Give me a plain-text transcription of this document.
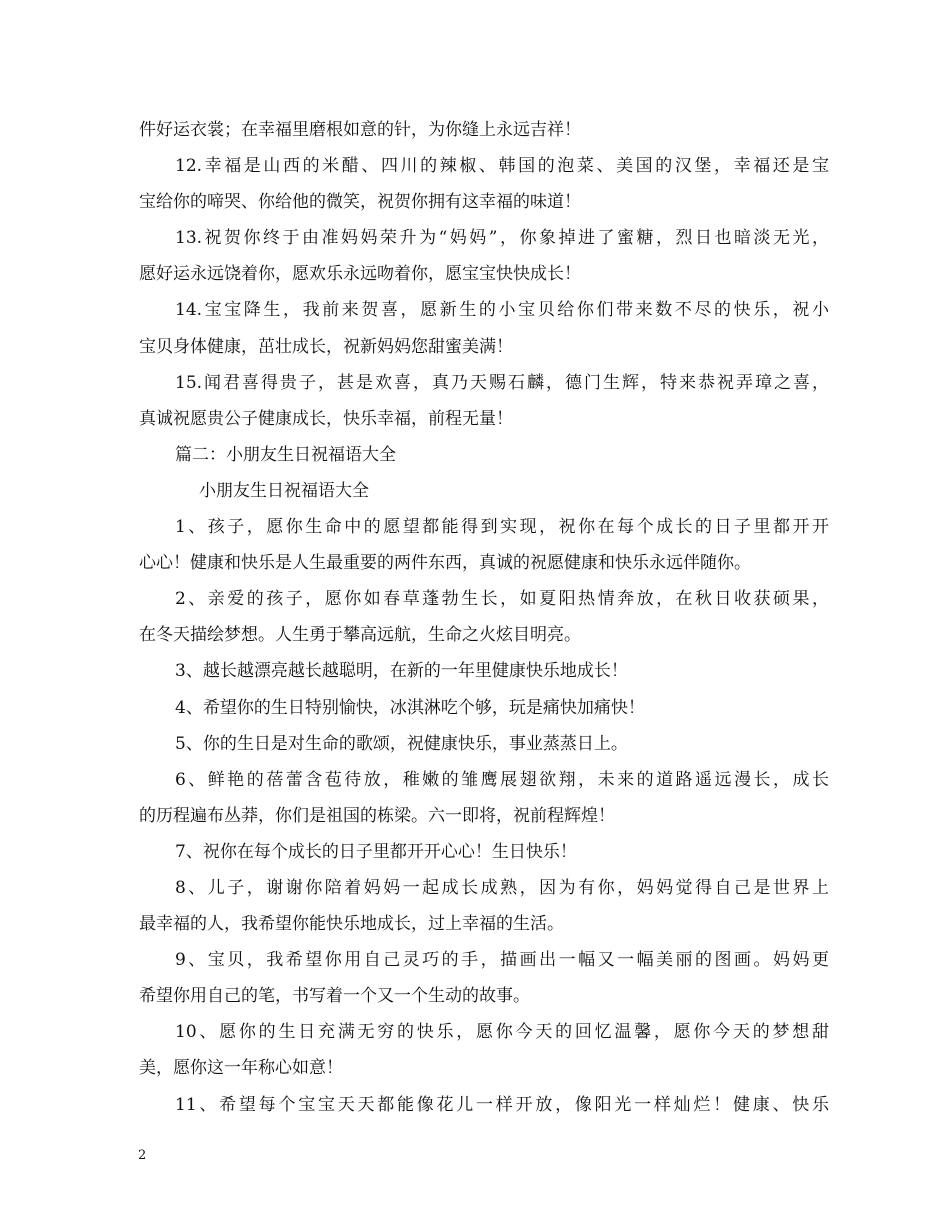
件好运衣裳；在幸福里磨根如意的针，为你缝上永远吉祥！
12.幸福是山西的米醋、四川的辣椒、韩国的泡菜、美国的汉堡，幸福还是宝
宝给你的啼哭、你给他的微笑，祝贺你拥有这幸福的味道！
13.祝贺你终于由准妈妈荣升为“妈妈”，你象掉进了蜜糖，烈日也暗淡无光，
愿好运永远饶着你，愿欢乐永远吻着你，愿宝宝快快成长！
14.宝宝降生，我前来贺喜，愿新生的小宝贝给你们带来数不尽的快乐，祝小
宝贝身体健康，茁壮成长，祝新妈妈您甜蜜美满！
15.闻君喜得贵子，甚是欢喜，真乃天赐石麟，德门生辉，特来恭祝弄璋之喜，
真诚祝愿贵公子健康成长，快乐幸福，前程无量！
篇二：小朋友生日祝福语大全
小朋友生日祝福语大全
1、孩子，愿你生命中的愿望都能得到实现，祝你在每个成长的日子里都开开
心心！健康和快乐是人生最重要的两件东西，真诚的祝愿健康和快乐永远伴随你。
2、亲爱的孩子，愿你如春草蓬勃生长，如夏阳热情奔放，在秋日收获硕果，
在冬天描绘梦想。人生勇于攀高远航，生命之火炫目明亮。
3、越长越漂亮越长越聪明，在新的一年里健康快乐地成长！
4、希望你的生日特别愉快，冰淇淋吃个够，玩是痛快加痛快！
5、你的生日是对生命的歌颂，祝健康快乐，事业蒸蒸日上。
6、鲜艳的蓓蕾含苞待放，稚嫩的雏鹰展翅欲翔，未来的道路遥远漫长，成长
的历程遍布丛莽，你们是祖国的栋梁。六一即将，祝前程辉煌！
7、祝你在每个成长的日子里都开开心心！生日快乐！
8、儿子，谢谢你陪着妈妈一起成长成熟，因为有你，妈妈觉得自己是世界上
最幸福的人，我希望你能快乐地成长，过上幸福的生活。
9、宝贝，我希望你用自己灵巧的手，描画出一幅又一幅美丽的图画。妈妈更
希望你用自己的笔，书写着一个又一个生动的故事。
10、愿你的生日充满无穷的快乐，愿你今天的回忆温馨，愿你今天的梦想甜
美，愿你这一年称心如意！
11、希望每个宝宝天天都能像花儿一样开放，像阳光一样灿烂！健康、快乐
2
